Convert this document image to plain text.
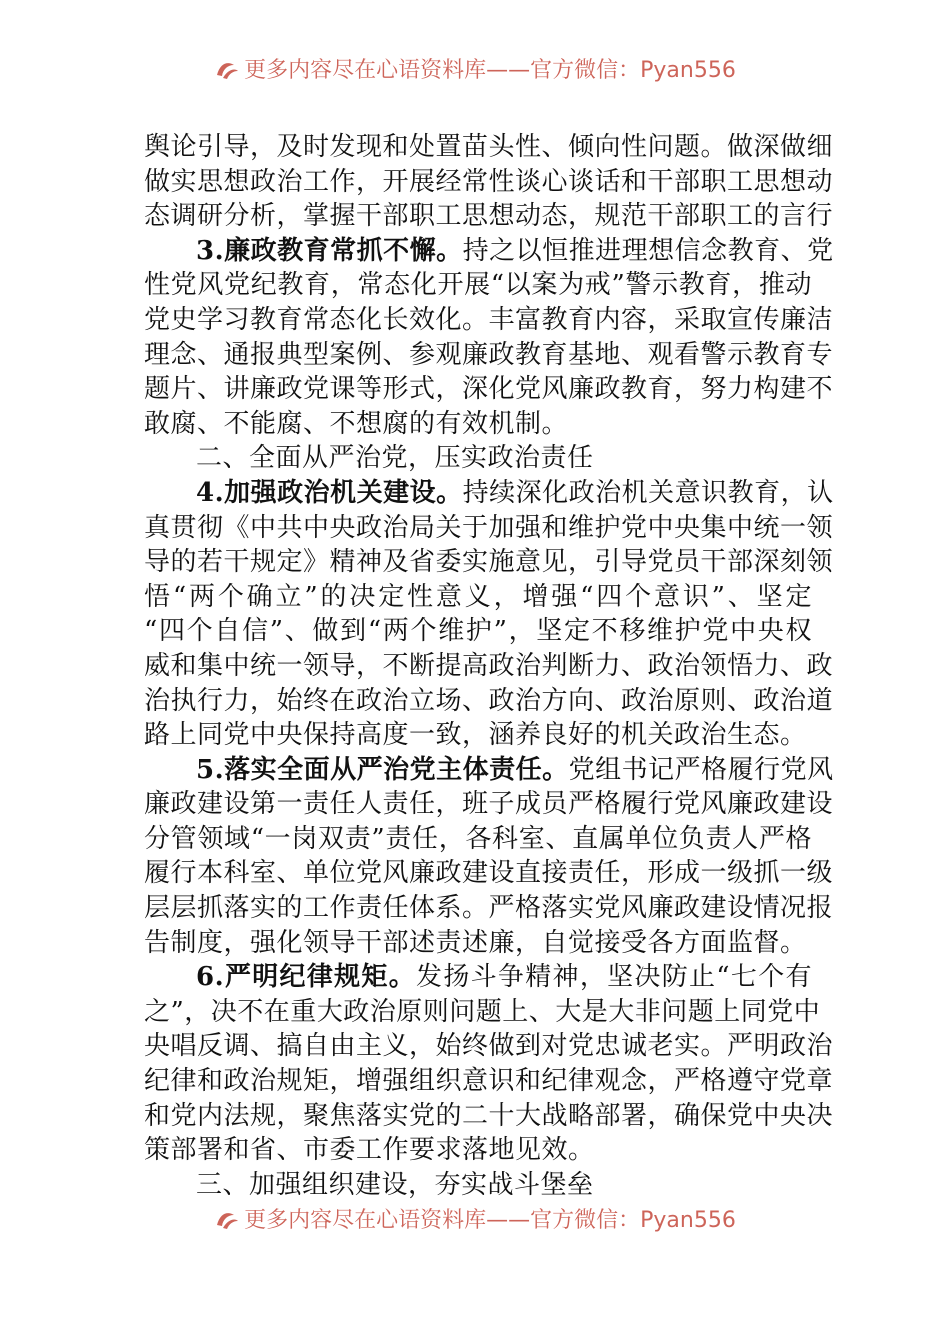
更多内容尽在心语资料库——官方微信：Pyan556
舆论引导，及时发现和处置苗头性、倾向性问题。做深做细
做实思想政治工作，开展经常性谈心谈话和干部职工思想动
态调研分析，掌握干部职工思想动态，规范干部职工的言行
3.廉政教育常抓不懈。持之以恒推进理想信念教育、党
性党风党纪教育，常态化开展“以案为戒”警示教育，推动
党史学习教育常态化长效化。丰富教育内容，采取宣传廉洁
理念、通报典型案例、参观廉政教育基地、观看警示教育专
题片、讲廉政党课等形式，深化党风廉政教育，努力构建不
敢腐、不能腐、不想腐的有效机制。
二、全面从严治党，压实政治责任
4.加强政治机关建设。持续深化政治机关意识教育，认
真贯彻《中共中央政治局关于加强和维护党中央集中统一领
导的若干规定》精神及省委实施意见，引导党员干部深刻领
悟“两个确立”的决定性意义，增强“四个意识”、坚定
“四个自信”、做到“两个维护”，坚定不移维护党中央权
威和集中统一领导，不断提高政治判断力、政治领悟力、政
治执行力，始终在政治立场、政治方向、政治原则、政治道
路上同党中央保持高度一致，涵养良好的机关政治生态。
5.落实全面从严治党主体责任。党组书记严格履行党风
廉政建设第一责任人责任，班子成员严格履行党风廉政建设
分管领域“一岗双责”责任，各科室、直属单位负责人严格
履行本科室、单位党风廉政建设直接责任，形成一级抓一级
层层抓落实的工作责任体系。严格落实党风廉政建设情况报
告制度，强化领导干部述责述廉，自觉接受各方面监督。
6.严明纪律规矩。发扬斗争精神，坚决防止“七个有
之”，决不在重大政治原则问题上、大是大非问题上同党中
央唱反调、搞自由主义，始终做到对党忠诚老实。严明政治
纪律和政治规矩，增强组织意识和纪律观念，严格遵守党章
和党内法规，聚焦落实党的二十大战略部署，确保党中央决
策部署和省、市委工作要求落地见效。
三、加强组织建设，夯实战斗堡垒
更多内容尽在心语资料库——官方微信：Pyan556
